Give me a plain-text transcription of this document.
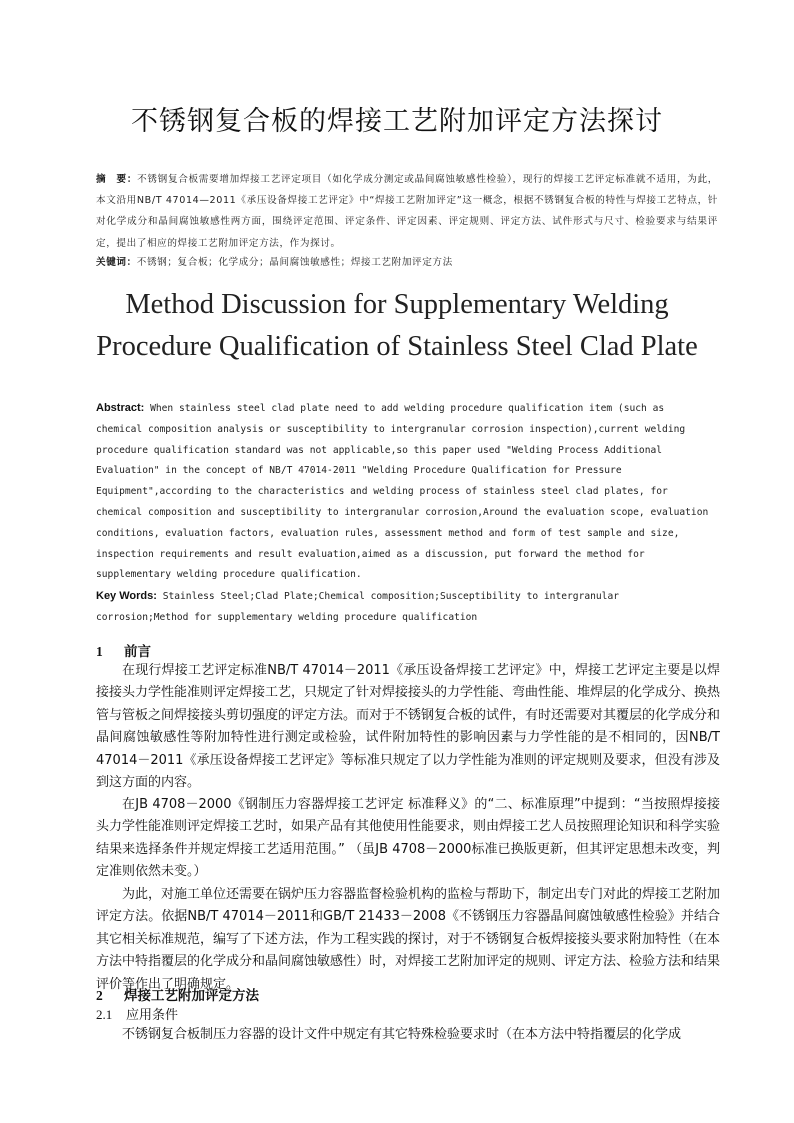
不锈钢复合板的焊接工艺附加评定方法探讨
摘　要：不锈钢复合板需要增加焊接工艺评定项目（如化学成分测定或晶间腐蚀敏感性检验），现行的焊接工艺评定标准就不适用，为此，本文沿用NB/T 47014—2011《承压设备焊接工艺评定》中“焊接工艺附加评定”这一概念，根据不锈钢复合板的特性与焊接工艺特点，针对化学成分和晶间腐蚀敏感性两方面，围绕评定范围、评定条件、评定因素、评定规则、评定方法、试件形式与尺寸、检验要求与结果评定，提出了相应的焊接工艺附加评定方法，作为探讨。
关键词：不锈钢；复合板；化学成分；晶间腐蚀敏感性；焊接工艺附加评定方法
Method Discussion for Supplementary Welding
Procedure Qualification of Stainless Steel Clad Plate
Abstract: When stainless steel clad plate need to add welding procedure qualification item (such as chemical composition analysis or susceptibility to intergranular corrosion inspection),current welding procedure qualification standard was not applicable,so this paper used "Welding Process Additional Evaluation" in the concept of NB/T 47014-2011 "Welding Procedure Qualification for Pressure Equipment",according to the characteristics and welding process of stainless steel clad plates, for chemical composition and susceptibility to intergranular corrosion,Around the evaluation scope, evaluation conditions, evaluation factors, evaluation rules, assessment method and form of test sample and size, inspection requirements and result evaluation,aimed as a discussion, put forward the method for supplementary welding procedure qualification.
Key Words: Stainless Steel;Clad Plate;Chemical composition;Susceptibility to intergranular corrosion;Method for supplementary welding procedure qualification
1 前言
在现行焊接工艺评定标准NB/T 47014－2011《承压设备焊接工艺评定》中，焊接工艺评定主要是以焊接接头力学性能准则评定焊接工艺，只规定了针对焊接接头的力学性能、弯曲性能、堆焊层的化学成分、换热管与管板之间焊接接头剪切强度的评定方法。而对于不锈钢复合板的试件，有时还需要对其覆层的化学成分和晶间腐蚀敏感性等附加特性进行测定或检验，试件附加特性的影响因素与力学性能的是不相同的，因NB/T 47014－2011《承压设备焊接工艺评定》等标准只规定了以力学性能为准则的评定规则及要求，但没有涉及到这方面的内容。
在JB 4708－2000《钢制压力容器焊接工艺评定 标准释义》的“二、标准原理”中提到：“当按照焊接接头力学性能准则评定焊接工艺时，如果产品有其他使用性能要求，则由焊接工艺人员按照理论知识和科学实验结果来选择条件并规定焊接工艺适用范围。” （虽JB 4708－2000标准已换版更新，但其评定思想未改变，判定准则依然未变。）
为此，对施工单位还需要在锅炉压力容器监督检验机构的监检与帮助下，制定出专门对此的焊接工艺附加评定方法。依据NB/T 47014－2011和GB/T 21433－2008《不锈钢压力容器晶间腐蚀敏感性检验》并结合其它相关标准规范，编写了下述方法，作为工程实践的探讨，对于不锈钢复合板焊接接头要求附加特性（在本方法中特指覆层的化学成分和晶间腐蚀敏感性）时，对焊接工艺附加评定的规则、评定方法、检验方法和结果评价等作出了明确规定。
2 焊接工艺附加评定方法
2.1 应用条件
不锈钢复合板制压力容器的设计文件中规定有其它特殊检验要求时（在本方法中特指覆层的化学成
